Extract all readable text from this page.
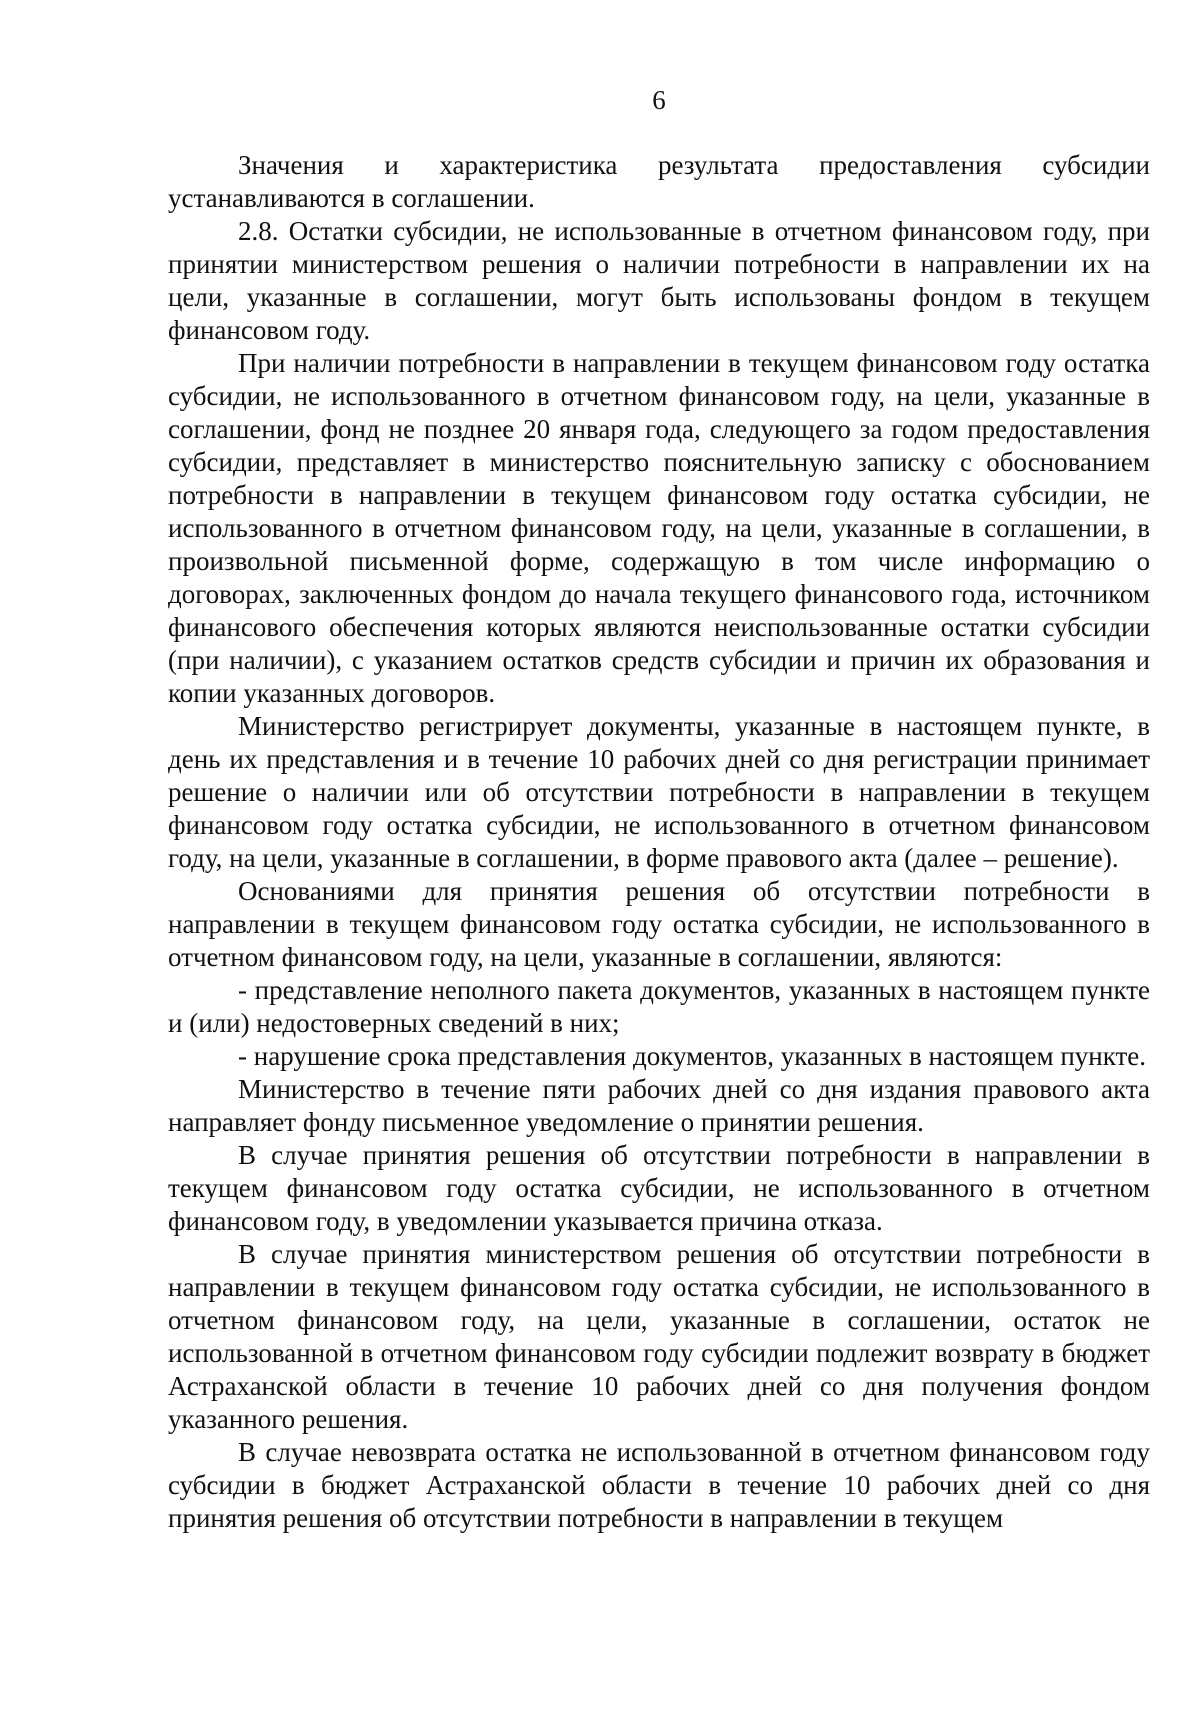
6

Значения и характеристика результата предоставления субсидии устанавливаются в соглашении.

2.8. Остатки субсидии, не использованные в отчетном финансовом году, при принятии министерством решения о наличии потребности в направлении их на цели, указанные в соглашении, могут быть использованы фондом в текущем финансовом году.

При наличии потребности в направлении в текущем финансовом году остатка субсидии, не использованного в отчетном финансовом году, на цели, указанные в соглашении, фонд не позднее 20 января года, следующего за годом предоставления субсидии, представляет в министерство пояснительную записку с обоснованием потребности в направлении в текущем финансовом году остатка субсидии, не использованного в отчетном финансовом году, на цели, указанные в соглашении, в произвольной письменной форме, содержащую в том числе информацию о договорах, заключенных фондом до начала текущего финансового года, источником финансового обеспечения которых являются неиспользованные остатки субсидии (при наличии), с указанием остатков средств субсидии и причин их образования и копии указанных договоров.

Министерство регистрирует документы, указанные в настоящем пункте, в день их представления и в течение 10 рабочих дней со дня регистрации принимает решение о наличии или об отсутствии потребности в направлении в текущем финансовом году остатка субсидии, не использованного в отчетном финансовом году, на цели, указанные в соглашении, в форме правового акта (далее – решение).

Основаниями для принятия решения об отсутствии потребности в направлении в текущем финансовом году остатка субсидии, не использованного в отчетном финансовом году, на цели, указанные в соглашении, являются:

- представление неполного пакета документов, указанных в настоящем пункте и (или) недостоверных сведений в них;

- нарушение срока представления документов, указанных в настоящем пункте.

Министерство в течение пяти рабочих дней со дня издания правового акта направляет фонду письменное уведомление о принятии решения.

В случае принятия решения об отсутствии потребности в направлении в текущем финансовом году остатка субсидии, не использованного в отчетном финансовом году, в уведомлении указывается причина отказа.

В случае принятия министерством решения об отсутствии потребности в направлении в текущем финансовом году остатка субсидии, не использованного в отчетном финансовом году, на цели, указанные в соглашении, остаток не использованной в отчетном финансовом году субсидии подлежит возврату в бюджет Астраханской области в течение 10 рабочих дней со дня получения фондом указанного решения.

В случае невозврата остатка не использованной в отчетном финансовом году субсидии в бюджет Астраханской области в течение 10 рабочих дней со дня принятия решения об отсутствии потребности в направлении в текущем
